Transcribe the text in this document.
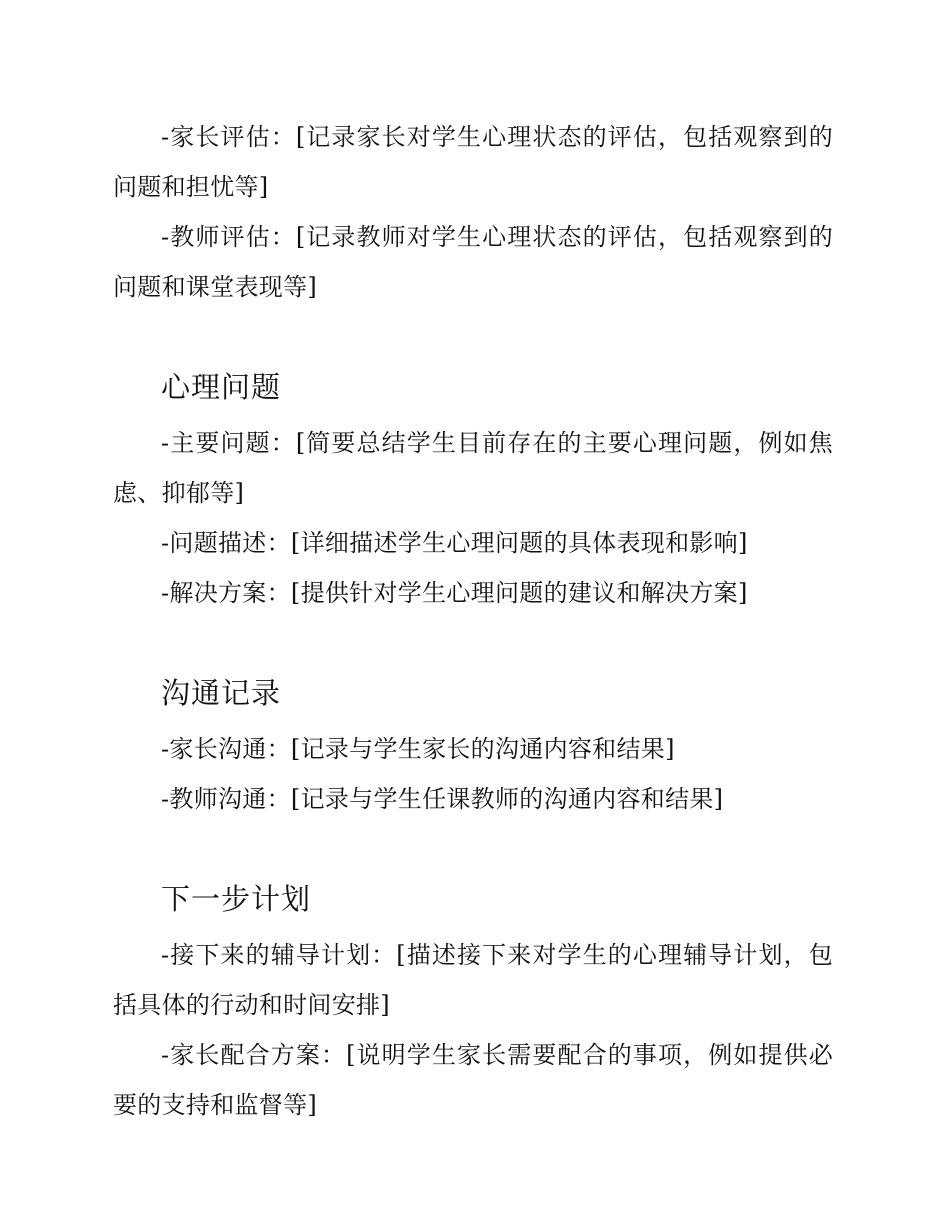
-家长评估：[记录家长对学生心理状态的评估，包括观察到的问题和担忧等]

-教师评估：[记录教师对学生心理状态的评估，包括观察到的问题和课堂表现等]

心理问题

-主要问题：[简要总结学生目前存在的主要心理问题，例如焦虑、抑郁等]

-问题描述：[详细描述学生心理问题的具体表现和影响]

-解决方案：[提供针对学生心理问题的建议和解决方案]

沟通记录

-家长沟通：[记录与学生家长的沟通内容和结果]

-教师沟通：[记录与学生任课教师的沟通内容和结果]

下一步计划

-接下来的辅导计划：[描述接下来对学生的心理辅导计划，包括具体的行动和时间安排]

-家长配合方案：[说明学生家长需要配合的事项，例如提供必要的支持和监督等]
